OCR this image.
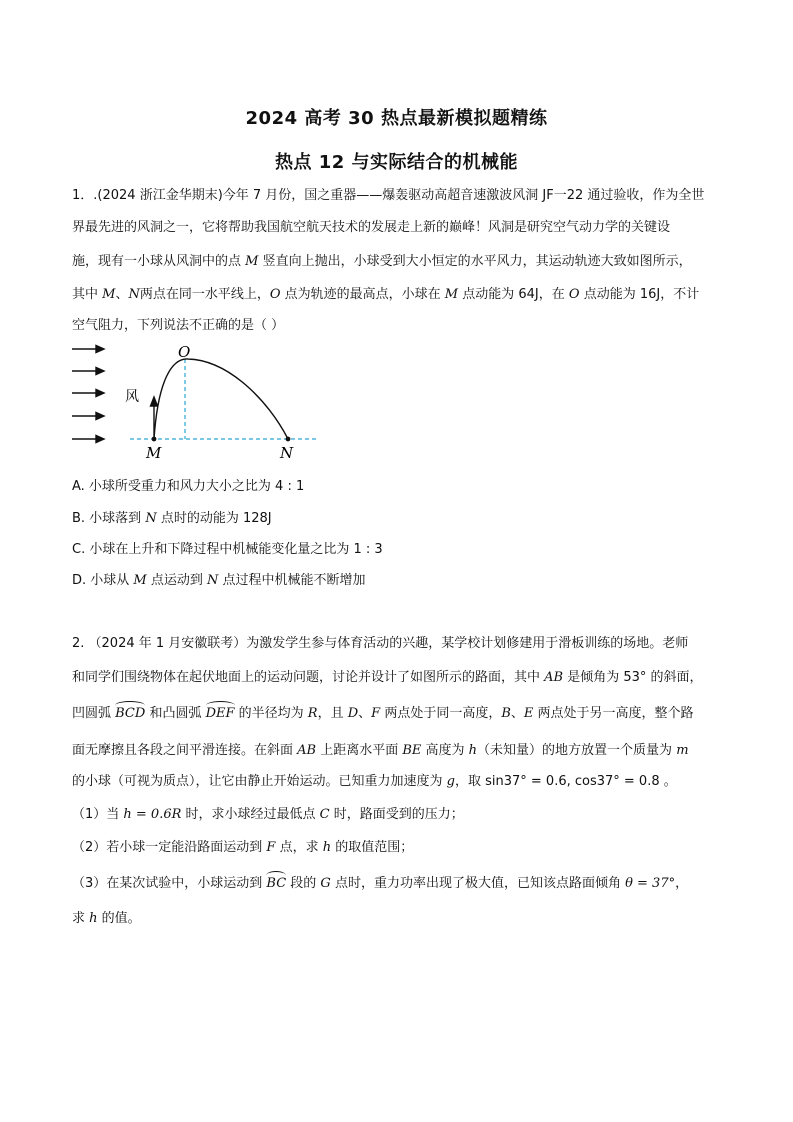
2024 高考 30 热点最新模拟题精练
热点 12 与实际结合的机械能
1．.(2024 浙江金华期末)今年 7 月份，国之重器——爆轰驱动高超音速激波风洞 JF一22 通过验收，作为全世
界最先进的风洞之一，它将帮助我国航空航天技术的发展走上新的巅峰！风洞是研究空气动力学的关键设
施，现有一小球从风洞中的点 M 竖直向上抛出，小球受到大小恒定的水平风力，其运动轨迹大致如图所示，
其中 M、N两点在同一水平线上，O 点为轨迹的最高点，小球在 M 点动能为 64J，在 O 点动能为 16J，不计
空气阻力，下列说法不正确的是（ ）
O
风
M	N
A. 小球所受重力和风力大小之比为 4 : 1
B. 小球落到 N 点时的动能为 128J
C. 小球在上升和下降过程中机械能变化量之比为 1 : 3
D. 小球从 M 点运动到 N 点过程中机械能不断增加
2. （2024 年 1 月安徽联考）为激发学生参与体育活动的兴趣，某学校计划修建用于滑板训练的场地。老师
和同学们围绕物体在起伏地面上的运动问题，讨论并设计了如图所示的路面，其中 AB 是倾角为 53° 的斜面，
凹圆弧 BCD 和凸圆弧 DEF 的半径均为 R，且 D、F 两点处于同一高度，B、E 两点处于另一高度，整个路
面无摩擦且各段之间平滑连接。在斜面 AB 上距离水平面 BE 高度为 h（未知量）的地方放置一个质量为 m
的小球（可视为质点），让它由静止开始运动。已知重力加速度为 g，取 sin37° = 0.6, cos37° = 0.8 。
（1）当 h = 0.6R 时，求小球经过最低点 C 时，路面受到的压力；
（2）若小球一定能沿路面运动到 F 点，求 h 的取值范围；
（3）在某次试验中，小球运动到 BC 段的 G 点时，重力功率出现了极大值，已知该点路面倾角 θ = 37°，
求 h 的值。
